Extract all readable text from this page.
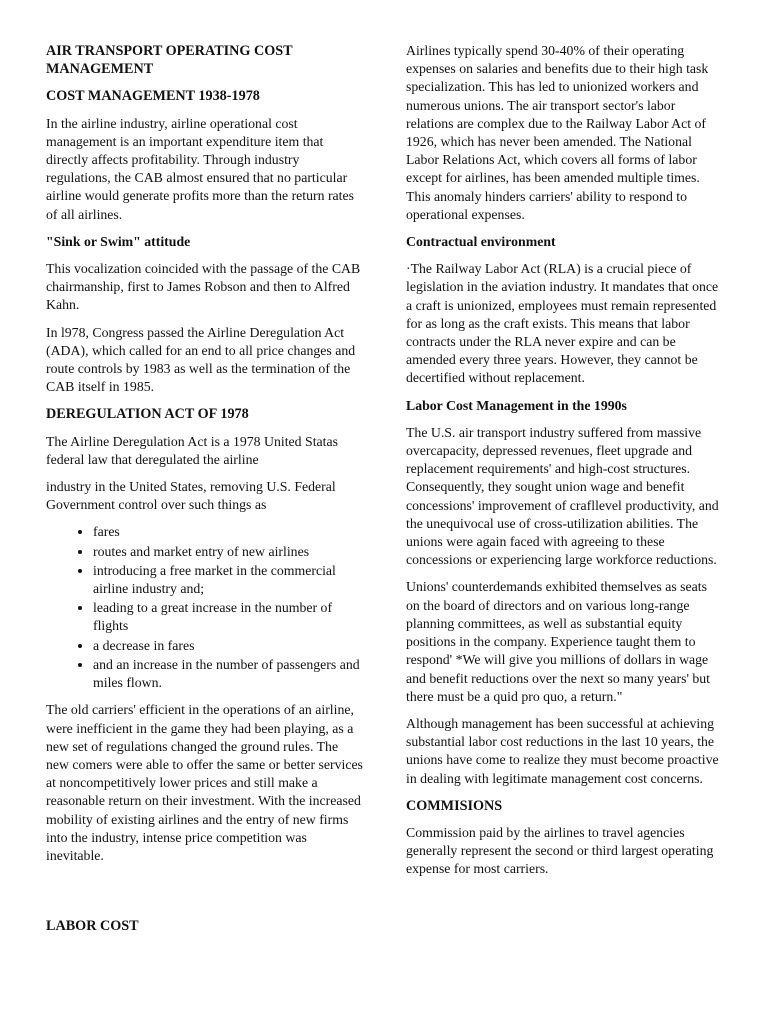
AIR TRANSPORT OPERATING COST MANAGEMENT
COST MANAGEMENT 1938-1978

In the airline industry, airline operational cost management is an important expenditure item that directly affects profitability. Through industry regulations, the CAB almost ensured that no particular airline would generate profits more than the return rates of all airlines.

"Sink or Swim" attitude

This vocalization coincided with the passage of the CAB chairmanship, first to James Robson and then to Alfred Kahn.

In l978, Congress passed the Airline Deregulation Act (ADA), which called for an end to all price changes and route controls by 1983 as well as the termination of the CAB itself in 1985.

DEREGULATION ACT OF 1978

The Airline Deregulation Act is a 1978 United Statas federal law that deregulated the airline

industry in the United States, removing U.S. Federal Government control over such things as

• fares
• routes and market entry of new airlines
• introducing a free market in the commercial airline industry and;
• leading to a great increase in the number of flights
• a decrease in fares
• and an increase in the number of passengers and miles flown.

The old carriers' efficient in the operations of an airline, were inefficient in the game they had been playing, as a new set of regulations changed the ground rules. The new comers were able to offer the same or better services at noncompetitively lower prices and still make a reasonable return on their investment. With the increased mobility of existing airlines and the entry of new firms into the industry, intense price competition was inevitable.

LABOR COST

Airlines typically spend 30-40% of their operating expenses on salaries and benefits due to their high task specialization. This has led to unionized workers and numerous unions. The air transport sector's labor relations are complex due to the Railway Labor Act of 1926, which has never been amended. The National Labor Relations Act, which covers all forms of labor except for airlines, has been amended multiple times. This anomaly hinders carriers' ability to respond to operational expenses.

Contractual environment

·The Railway Labor Act (RLA) is a crucial piece of legislation in the aviation industry. It mandates that once a craft is unionized, employees must remain represented for as long as the craft exists. This means that labor contracts under the RLA never expire and can be amended every three years. However, they cannot be decertified without replacement.

Labor Cost Management in the 1990s

The U.S. air transport industry suffered from massive overcapacity, depressed revenues, fleet upgrade and replacement requirements' and high-cost structures. Consequently, they sought union wage and benefit concessions' improvement of crafllevel productivity, and the unequivocal use of cross-utilization abilities. The unions were again faced with agreeing to these concessions or experiencing large workforce reductions.

Unions' counterdemands exhibited themselves as seats on the board of directors and on various long-range planning committees, as well as substantial equity positions in the company. Experience taught them to respond' *We will give you millions of dollars in wage and benefit reductions over the next so many years' but there must be a quid pro quo, a return."

Although management has been successful at achieving substantial labor cost reductions in the last 10 years, the unions have come to realize they must become proactive in dealing with legitimate management cost concerns.

COMMISIONS

Commission paid by the airlines to travel agencies generally represent the second or third largest operating expense for most carriers.
